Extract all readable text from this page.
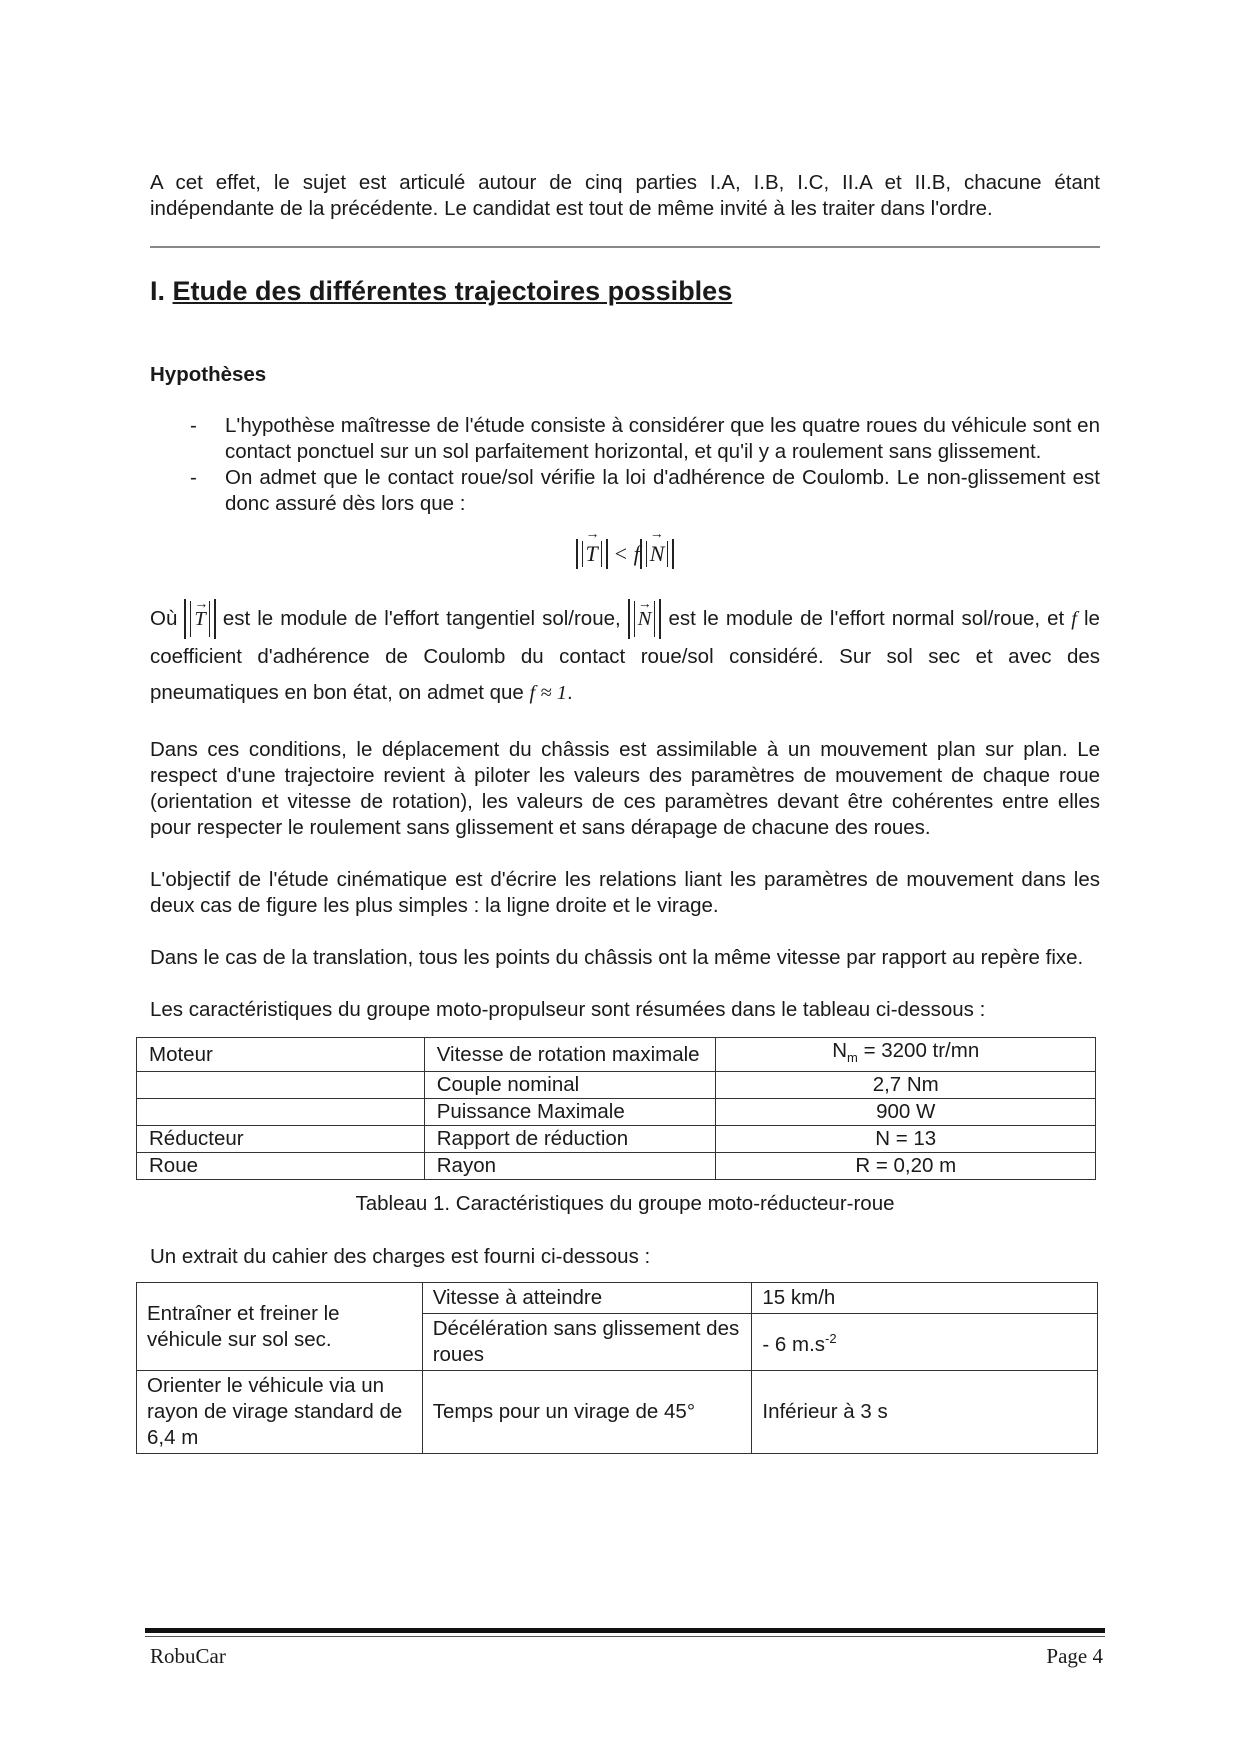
A cet effet, le sujet est articulé autour de cinq parties I.A, I.B, I.C, II.A et II.B, chacune étant indépendante de la précédente. Le candidat est tout de même invité à les traiter dans l'ordre.

I. Etude des différentes trajectoires possibles
Hypothèses
- L'hypothèse maîtresse de l'étude consiste à considérer que les quatre roues du véhicule sont en contact ponctuel sur un sol parfaitement horizontal, et qu'il y a roulement sans glissement.
- On admet que le contact roue/sol vérifie la loi d'adhérence de Coulomb. Le non-glissement est donc assuré dès lors que :
→ T < f → N

Où → T est le module de l'effort tangentiel sol/roue, → N est le module de l'effort normal sol/roue, et f le coefficient d'adhérence de Coulomb du contact roue/sol considéré. Sur sol sec et avec des pneumatiques en bon état, on admet que f ≈ 1.

Dans ces conditions, le déplacement du châssis est assimilable à un mouvement plan sur plan. Le respect d'une trajectoire revient à piloter les valeurs des paramètres de mouvement de chaque roue (orientation et vitesse de rotation), les valeurs de ces paramètres devant être cohérentes entre elles pour respecter le roulement sans glissement et sans dérapage de chacune des roues.

L'objectif de l'étude cinématique est d'écrire les relations liant les paramètres de mouvement dans les deux cas de figure les plus simples : la ligne droite et le virage.

Dans le cas de la translation, tous les points du châssis ont la même vitesse par rapport au repère fixe.

Les caractéristiques du groupe moto-propulseur sont résumées dans le tableau ci-dessous :

Moteur	Vitesse de rotation maximale	$N_m = 3200$ tr/mn
	Couple nominal	2,7 Nm
	Puissance Maximale	900 W
Réducteur	Rapport de réduction	N = 13
Roue	Rayon	R = 0,20 m
Tableau 1. Caractéristiques du groupe moto-réducteur-roue

Un extrait du cahier des charges est fourni ci-dessous :

Entraîner et freiner le véhicule sur sol sec.	Vitesse à atteindre	15 km/h
	Décélération sans glissement des roues	- 6 $m.s^{-2}$
Orienter le véhicule via un rayon de virage standard de 6,4 m	Temps pour un virage de 45°	Inférieur à 3 s
RobuCar	Page 4
